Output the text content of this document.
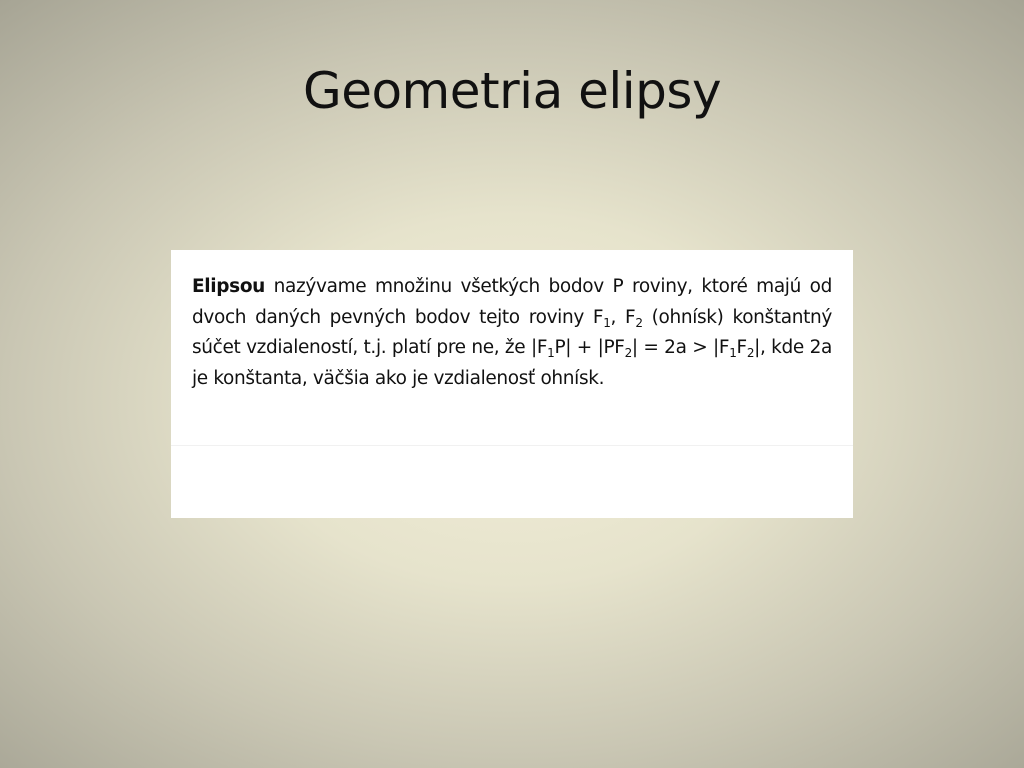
Geometria elipsy

Elipsou nazývame množinu všetkých bodov P roviny, ktoré majú od dvoch daných pevných bodov tejto roviny $F_1$, $F_2$ (ohnísk) konštantný súčet vzdialeností, t.j. platí pre ne, že $|F_1P| + |PF_2| = 2a > |F_1F_2|$, kde 2a je konštanta, väčšia ako je vzdialenosť ohnísk.
